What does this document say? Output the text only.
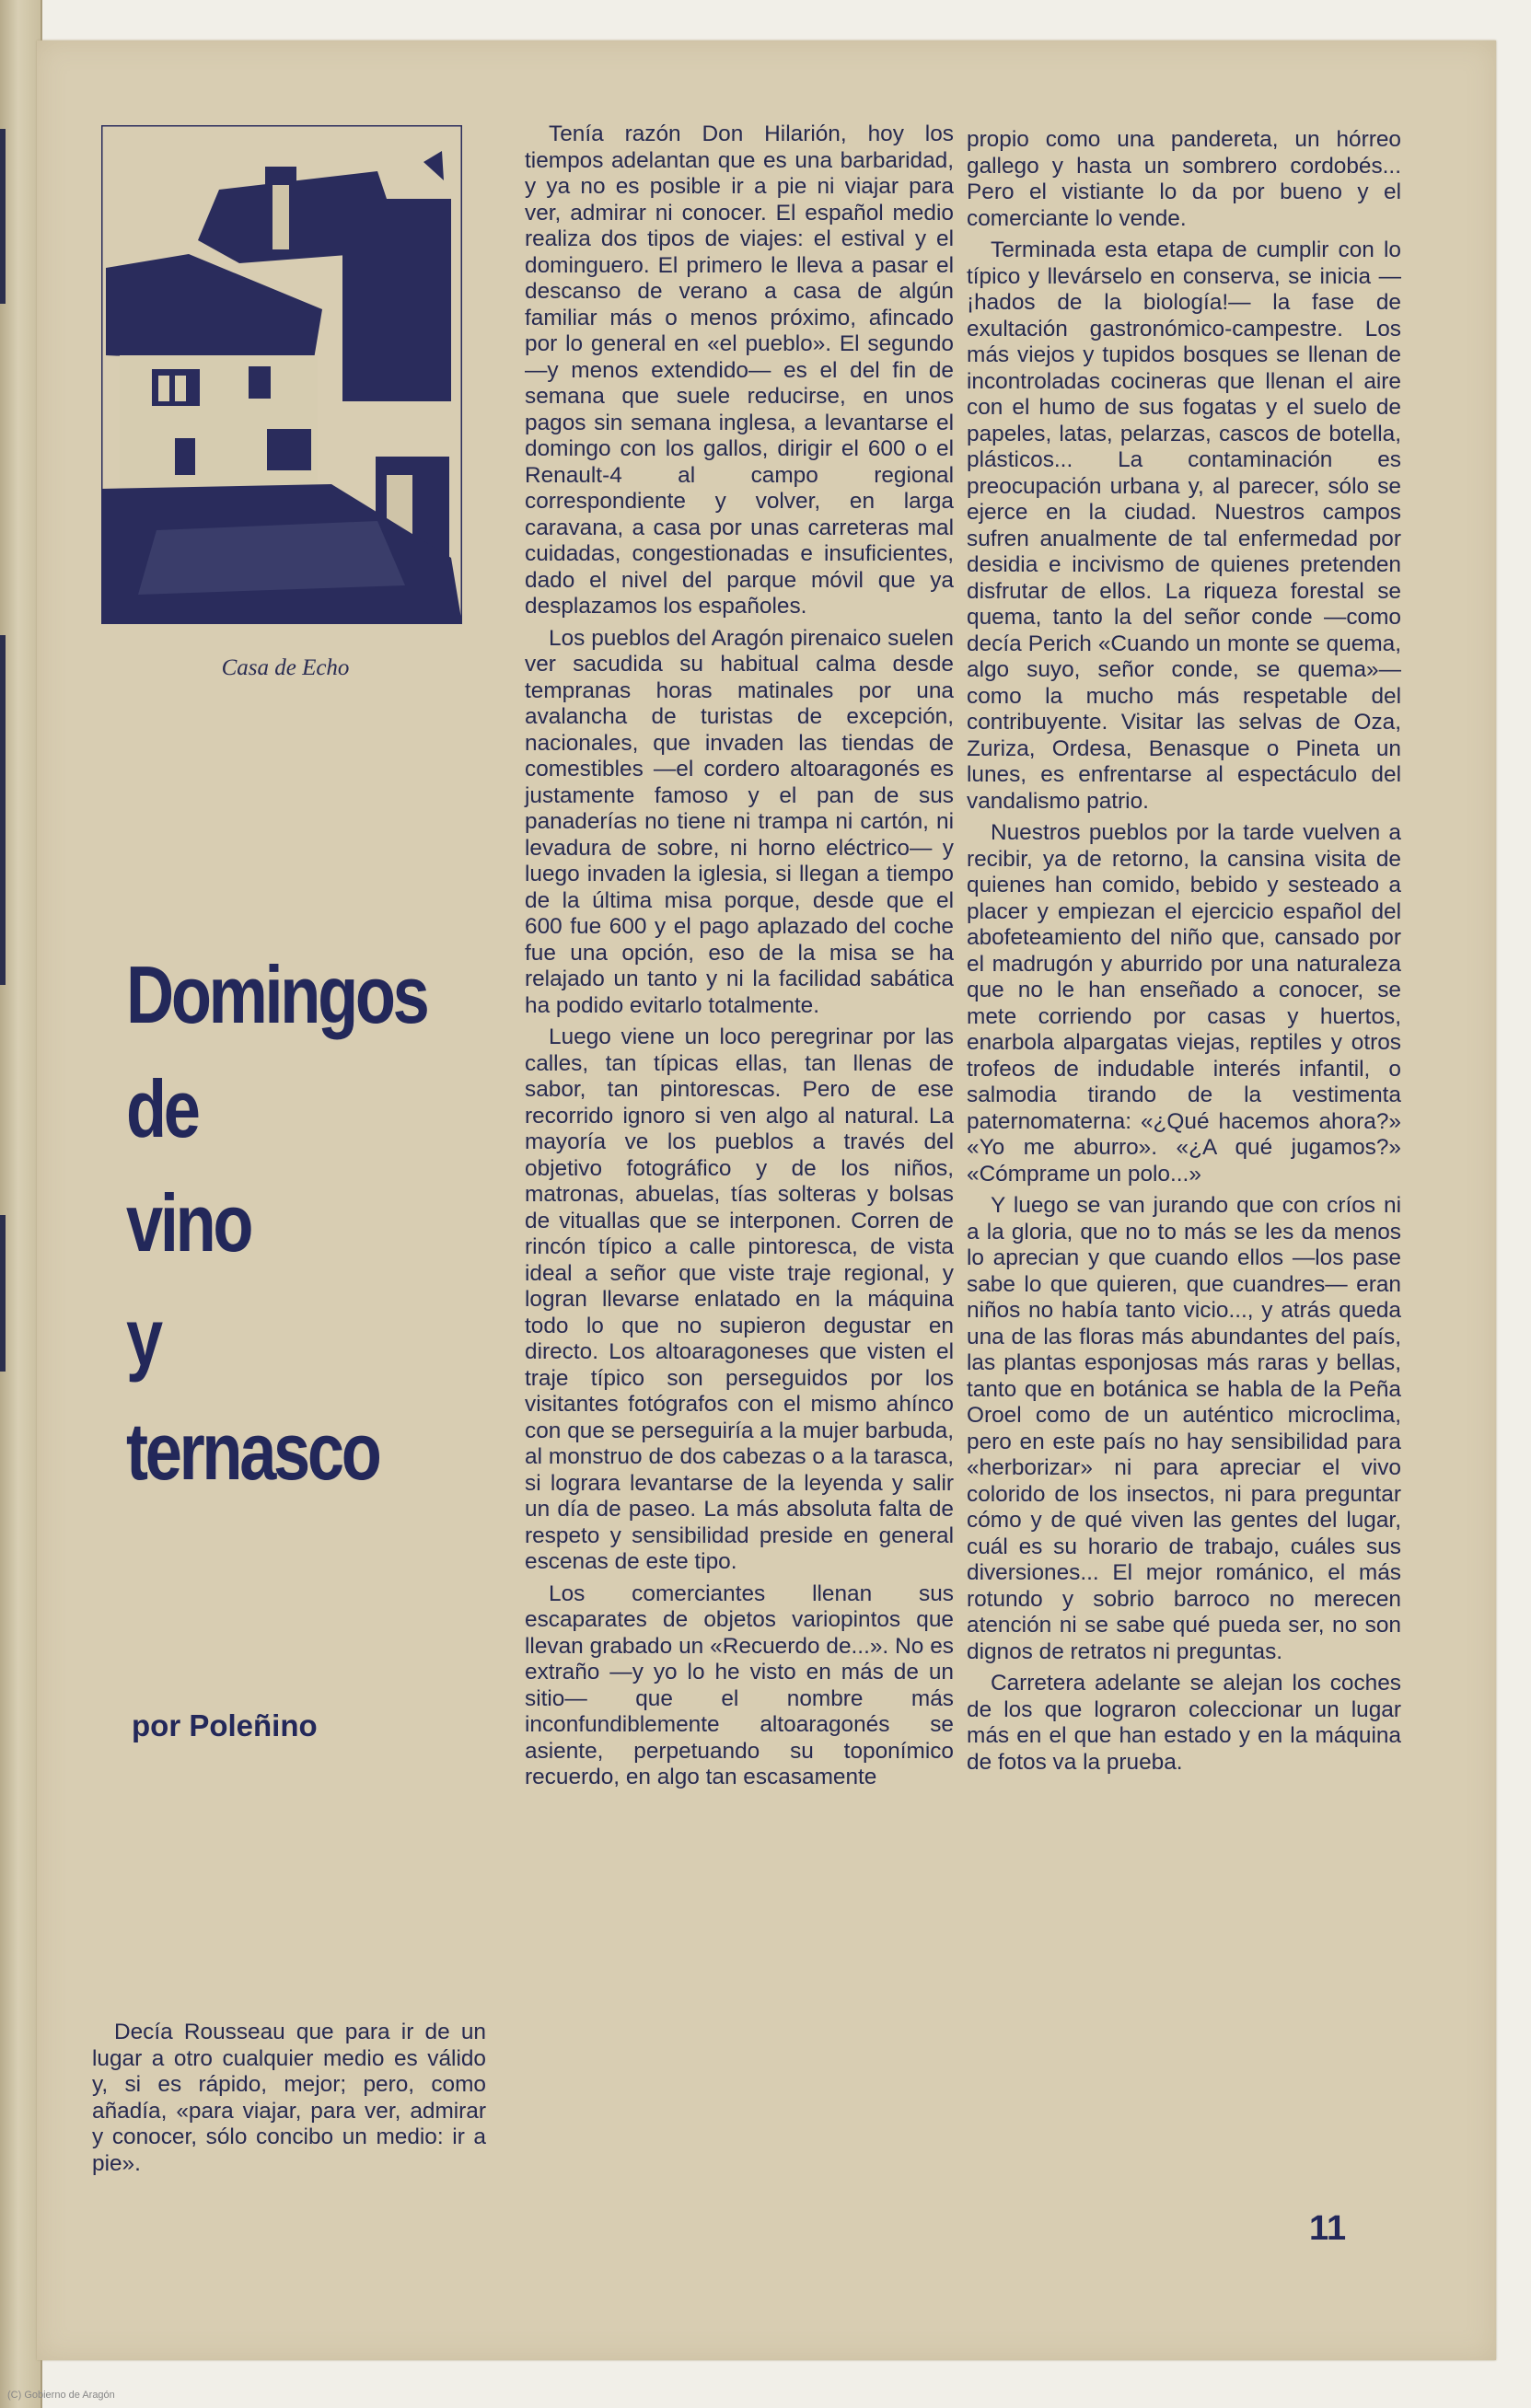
Casa de Echo
Domingos
de
vino
y
ternasco
por Poleñino

Decía Rousseau que para ir de un lugar a otro cualquier medio es válido y, si es rápido, mejor; pero, como añadía, «para viajar, para ver, admirar y conocer, sólo concibo un medio: ir a pie».

Tenía razón Don Hilarión, hoy los tiempos adelantan que es una barbaridad, y ya no es posible ir a pie ni viajar para ver, admirar ni conocer. El español medio realiza dos tipos de viajes: el estival y el dominguero. El primero le lleva a pasar el descanso de verano a casa de algún familiar más o menos próximo, afincado por lo general en «el pueblo». El segundo —y menos extendido— es el del fin de semana que suele reducirse, en unos pagos sin semana inglesa, a levantarse el domingo con los gallos, dirigir el 600 o el Renault-4 al campo regional correspondiente y volver, en larga caravana, a casa por unas carreteras mal cuidadas, congestionadas e insuficientes, dado el nivel del parque móvil que ya desplazamos los españoles.

Los pueblos del Aragón pirenaico suelen ver sacudida su habitual calma desde tempranas horas matinales por una avalancha de turistas de excepción, nacionales, que invaden las tiendas de comestibles —el cordero altoaragonés es justamente famoso y el pan de sus panaderías no tiene ni trampa ni cartón, ni levadura de sobre, ni horno eléctrico— y luego invaden la iglesia, si llegan a tiempo de la última misa porque, desde que el 600 fue 600 y el pago aplazado del coche fue una opción, eso de la misa se ha relajado un tanto y ni la facilidad sabática ha podido evitarlo totalmente.

Luego viene un loco peregrinar por las calles, tan típicas ellas, tan llenas de sabor, tan pintorescas. Pero de ese recorrido ignoro si ven algo al natural. La mayoría ve los pueblos a través del objetivo fotográfico y de los niños, matronas, abuelas, tías solteras y bolsas de vituallas que se interponen. Corren de rincón típico a calle pintoresca, de vista ideal a señor que viste traje regional, y logran llevarse enlatado en la máquina todo lo que no supieron degustar en directo. Los altoaragoneses que visten el traje típico son perseguidos por los visitantes fotógrafos con el mismo ahínco con que se perseguiría a la mujer barbuda, al monstruo de dos cabezas o a la tarasca, si lograra levantarse de la leyenda y salir un día de paseo. La más absoluta falta de respeto y sensibilidad preside en general escenas de este tipo.

Los comerciantes llenan sus escaparates de objetos variopintos que llevan grabado un «Recuerdo de...». No es extraño —y yo lo he visto en más de un sitio— que el nombre más inconfundiblemente altoaragonés se asiente, perpetuando su toponímico recuerdo, en algo tan escasamente

propio como una pandereta, un hórreo gallego y hasta un sombrero cordobés... Pero el vistiante lo da por bueno y el comerciante lo vende.

Terminada esta etapa de cumplir con lo típico y llevárselo en conserva, se inicia —¡hados de la biología!— la fase de exultación gastronómico-campestre. Los más viejos y tupidos bosques se llenan de incontroladas cocineras que llenan el aire con el humo de sus fogatas y el suelo de papeles, latas, pelarzas, cascos de botella, plásticos... La contaminación es preocupación urbana y, al parecer, sólo se ejerce en la ciudad. Nuestros campos sufren anualmente de tal enfermedad por desidia e incivismo de quienes pretenden disfrutar de ellos. La riqueza forestal se quema, tanto la del señor conde —como decía Perich «Cuando un monte se quema, algo suyo, señor conde, se quema»— como la mucho más respetable del contribuyente. Visitar las selvas de Oza, Zuriza, Ordesa, Benasque o Pineta un lunes, es enfrentarse al espectáculo del vandalismo patrio.

Nuestros pueblos por la tarde vuelven a recibir, ya de retorno, la cansina visita de quienes han comido, bebido y sesteado a placer y empiezan el ejercicio español del abofeteamiento del niño que, cansado por el madrugón y aburrido por una naturaleza que no le han enseñado a conocer, se mete corriendo por casas y huertos, enarbola alpargatas viejas, reptiles y otros trofeos de indudable interés infantil, o salmodia tirando de la vestimenta paternomaterna: «¿Qué hacemos ahora?» «Yo me aburro». «¿A qué jugamos?» «Cómprame un polo...»

Y luego se van jurando que con críos ni a la gloria, que no to más se les da menos lo aprecian y que cuando ellos —los pase sabe lo que quieren, que cuandres— eran niños no había tanto vicio..., y atrás queda una de las floras más abundantes del país, las plantas esponjosas más raras y bellas, tanto que en botánica se habla de la Peña Oroel como de un auténtico microclima, pero en este país no hay sensibilidad para «herborizar» ni para apreciar el vivo colorido de los insectos, ni para preguntar cómo y de qué viven las gentes del lugar, cuál es su horario de trabajo, cuáles sus diversiones... El mejor románico, el más rotundo y sobrio barroco no merecen atención ni se sabe qué pueda ser, no son dignos de retratos ni preguntas.

Carretera adelante se alejan los coches de los que lograron coleccionar un lugar más en el que han estado y en la máquina de fotos va la prueba.

11
(C) Gobierno de Aragón
